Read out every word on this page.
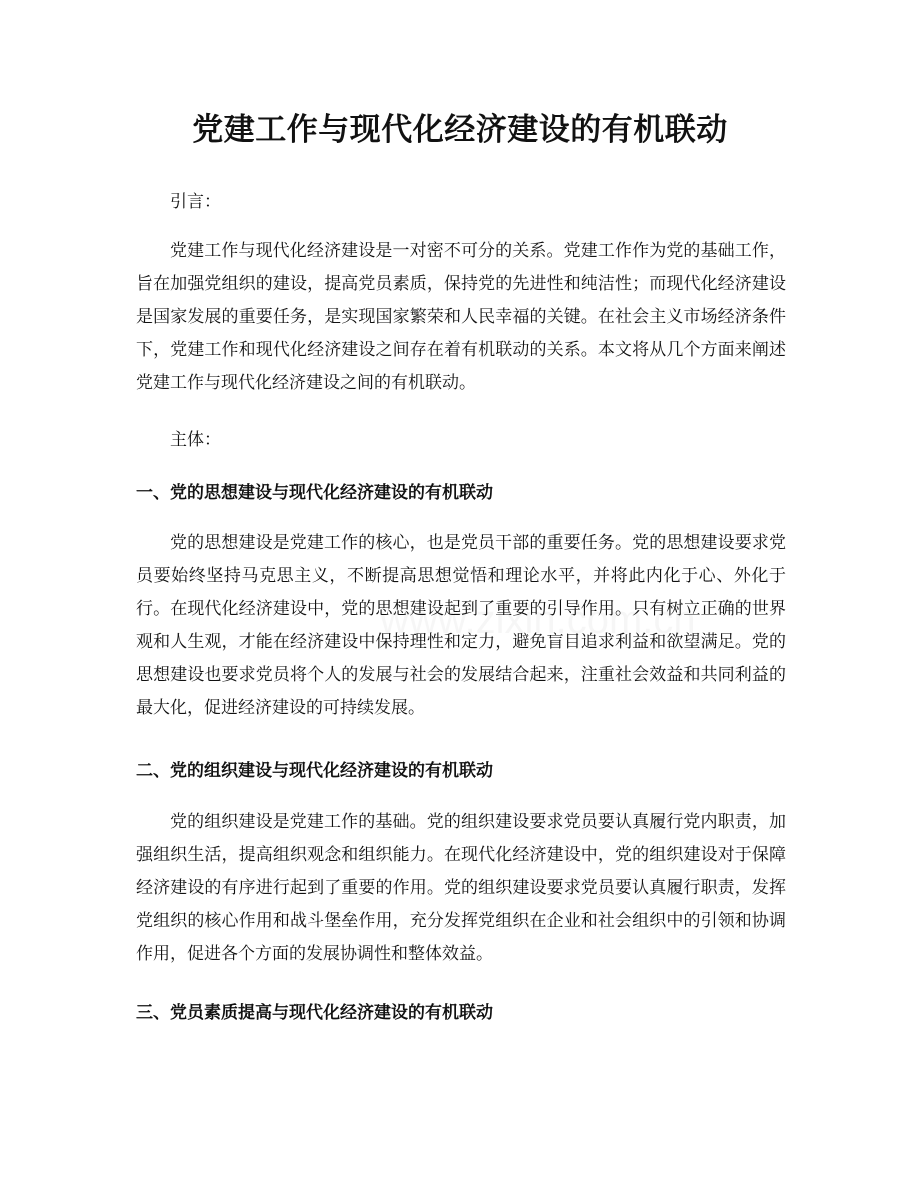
党建工作与现代化经济建设的有机联动

引言：

党建工作与现代化经济建设是一对密不可分的关系。党建工作作为党的基础工作，旨在加强党组织的建设，提高党员素质，保持党的先进性和纯洁性；而现代化经济建设是国家发展的重要任务，是实现国家繁荣和人民幸福的关键。在社会主义市场经济条件下，党建工作和现代化经济建设之间存在着有机联动的关系。本文将从几个方面来阐述党建工作与现代化经济建设之间的有机联动。

主体：

一、党的思想建设与现代化经济建设的有机联动

党的思想建设是党建工作的核心，也是党员干部的重要任务。党的思想建设要求党员要始终坚持马克思主义，不断提高思想觉悟和理论水平，并将此内化于心、外化于行。在现代化经济建设中，党的思想建设起到了重要的引导作用。只有树立正确的世界观和人生观，才能在经济建设中保持理性和定力，避免盲目追求利益和欲望满足。党的思想建设也要求党员将个人的发展与社会的发展结合起来，注重社会效益和共同利益的最大化，促进经济建设的可持续发展。

二、党的组织建设与现代化经济建设的有机联动

党的组织建设是党建工作的基础。党的组织建设要求党员要认真履行党内职责，加强组织生活，提高组织观念和组织能力。在现代化经济建设中，党的组织建设对于保障经济建设的有序进行起到了重要的作用。党的组织建设要求党员要认真履行职责，发挥党组织的核心作用和战斗堡垒作用，充分发挥党组织在企业和社会组织中的引领和协调作用，促进各个方面的发展协调性和整体效益。

三、党员素质提高与现代化经济建设的有机联动
